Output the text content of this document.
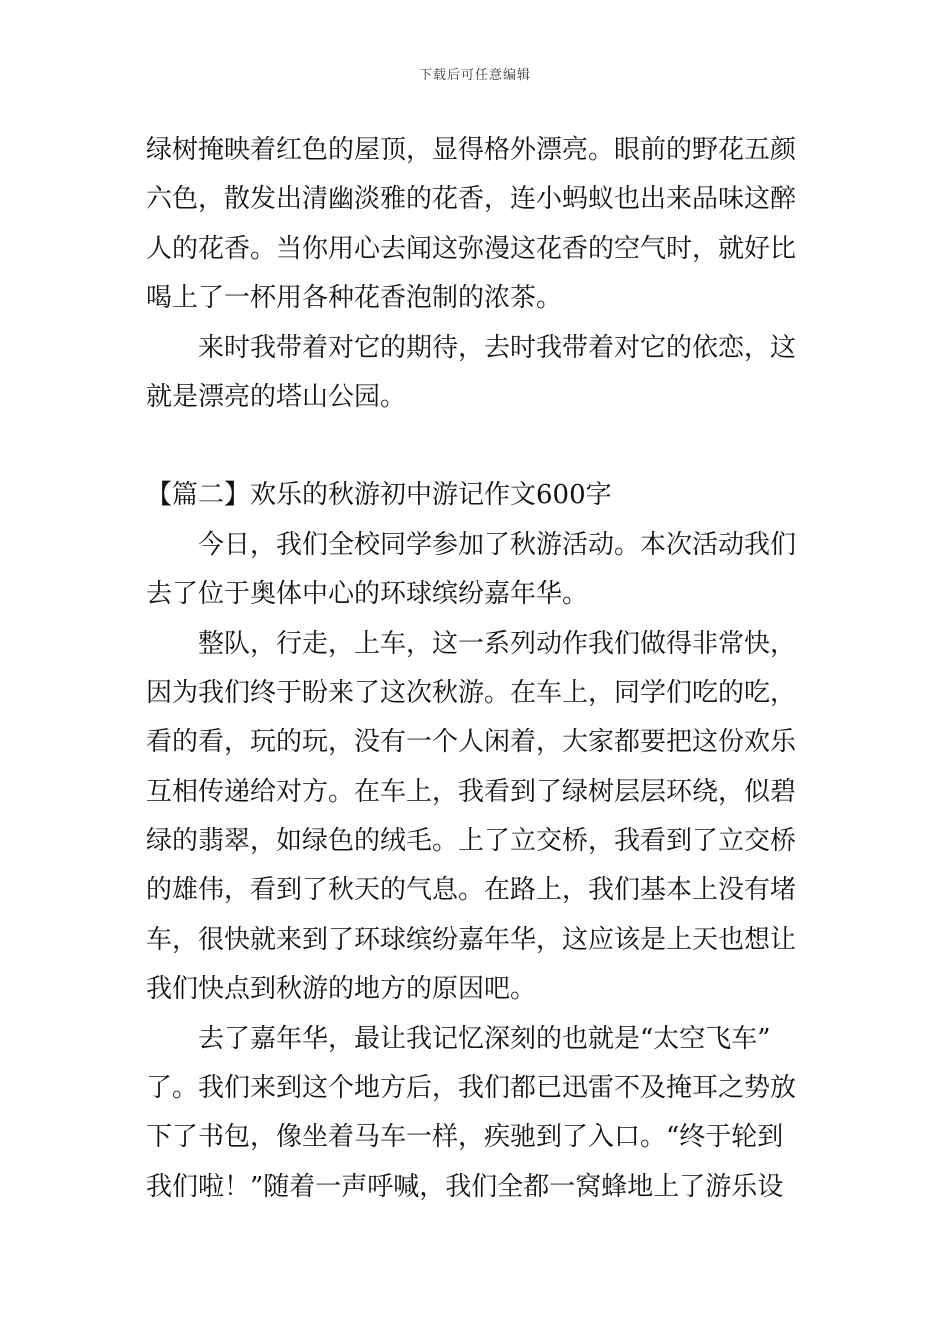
下载后可任意编辑
绿树掩映着红色的屋顶，显得格外漂亮。眼前的野花五颜
六色，散发出清幽淡雅的花香，连小蚂蚁也出来品味这醉
人的花香。当你用心去闻这弥漫这花香的空气时，就好比
喝上了一杯用各种花香泡制的浓茶。
来时我带着对它的期待，去时我带着对它的依恋，这
就是漂亮的塔山公园。
【篇二】欢乐的秋游初中游记作文600字
今日，我们全校同学参加了秋游活动。本次活动我们
去了位于奥体中心的环球缤纷嘉年华。
整队，行走，上车，这一系列动作我们做得非常快，
因为我们终于盼来了这次秋游。在车上，同学们吃的吃，
看的看，玩的玩，没有一个人闲着，大家都要把这份欢乐
互相传递给对方。在车上，我看到了绿树层层环绕，似碧
绿的翡翠，如绿色的绒毛。上了立交桥，我看到了立交桥
的雄伟，看到了秋天的气息。在路上，我们基本上没有堵
车，很快就来到了环球缤纷嘉年华，这应该是上天也想让
我们快点到秋游的地方的原因吧。
去了嘉年华，最让我记忆深刻的也就是“太空飞车”
了。我们来到这个地方后，我们都已迅雷不及掩耳之势放
下了书包，像坐着马车一样，疾驰到了入口。“终于轮到
我们啦！”随着一声呼喊，我们全都一窝蜂地上了游乐设
